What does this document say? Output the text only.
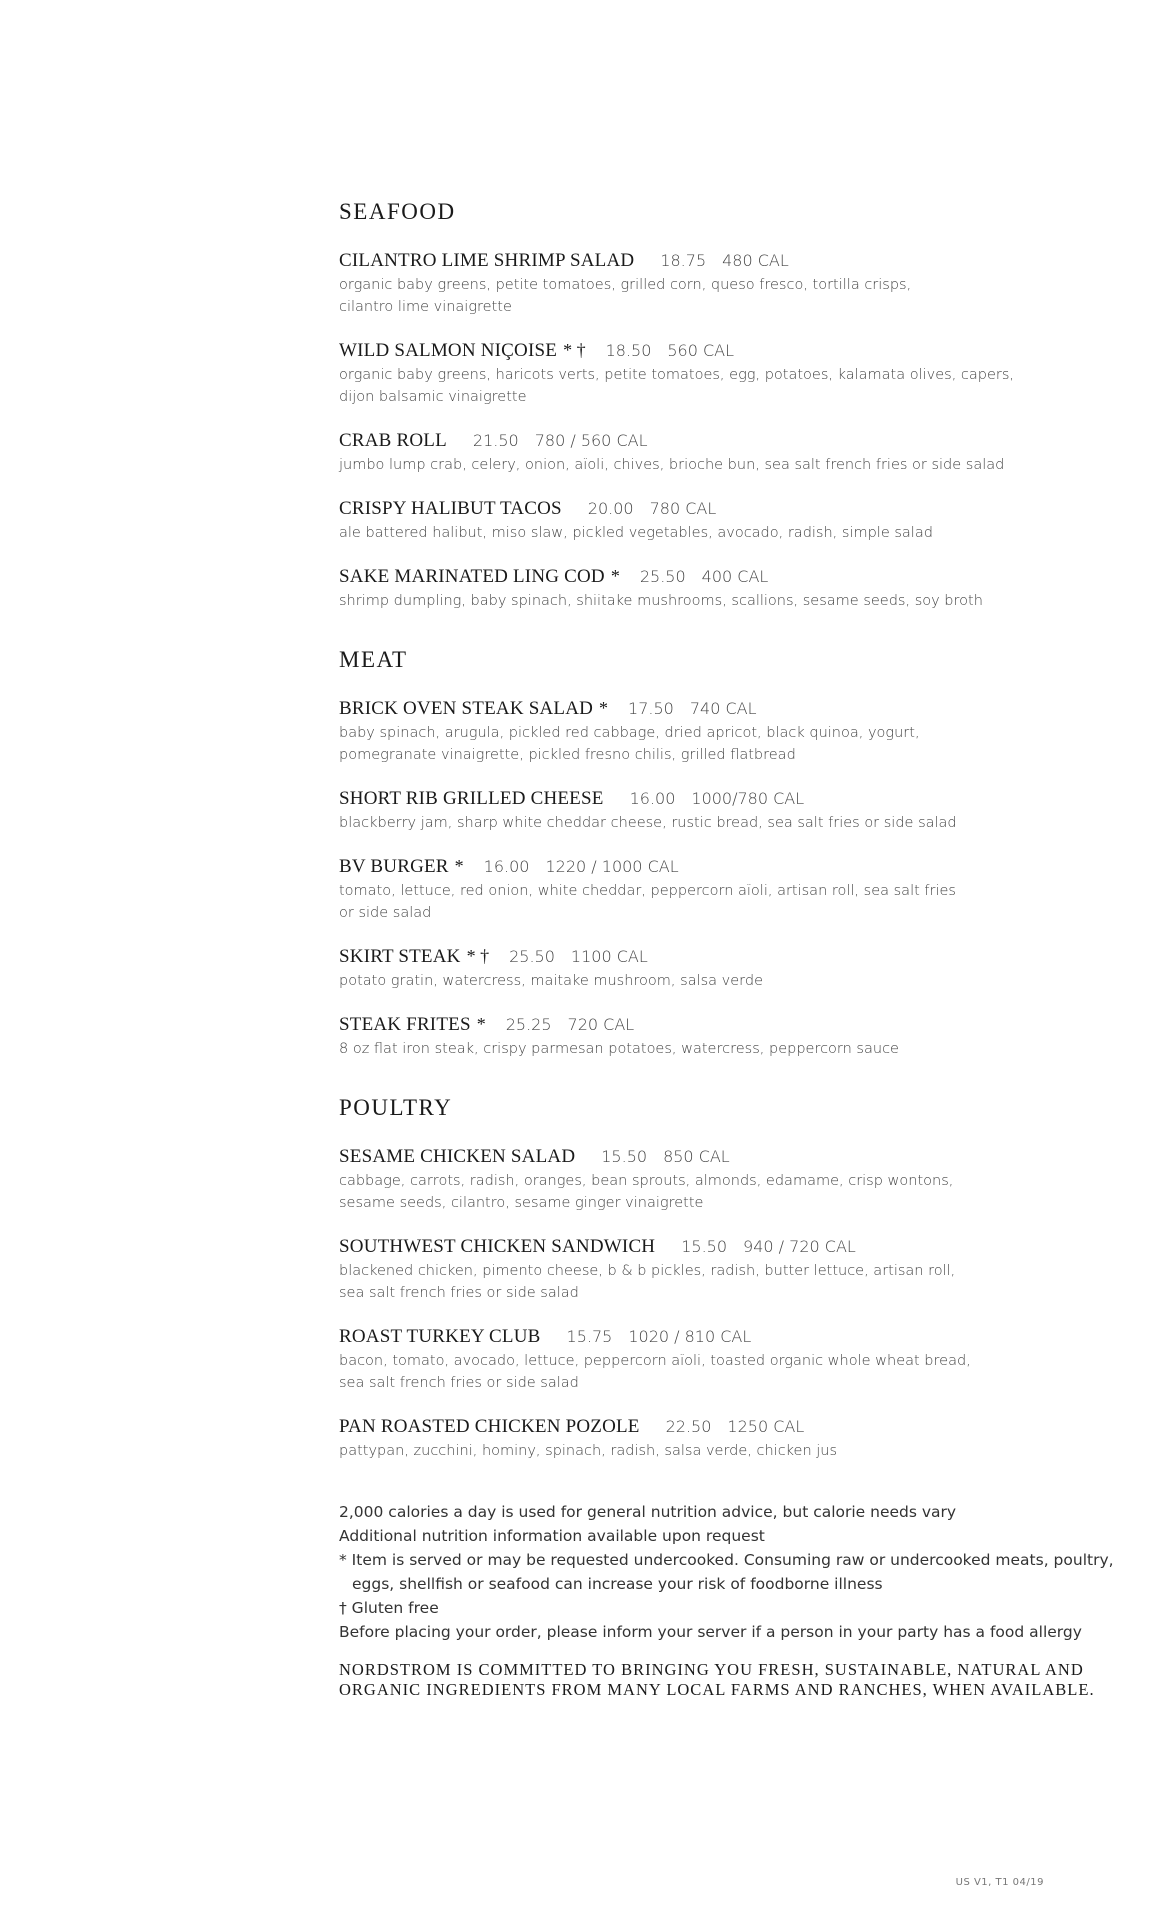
SEAFOOD
CILANTRO LIME SHRIMP SALAD 18.75 480 CAL
organic baby greens, petite tomatoes, grilled corn, queso fresco, tortilla crisps,
cilantro lime vinaigrette
WILD SALMON NIÇOISE * † 18.50 560 CAL
organic baby greens, haricots verts, petite tomatoes, egg, potatoes, kalamata olives, capers,
dijon balsamic vinaigrette
CRAB ROLL 21.50 780 / 560 CAL
jumbo lump crab, celery, onion, aïoli, chives, brioche bun, sea salt french fries or side salad
CRISPY HALIBUT TACOS 20.00 780 CAL
ale battered halibut, miso slaw, pickled vegetables, avocado, radish, simple salad
SAKE MARINATED LING COD * 25.50 400 CAL
shrimp dumpling, baby spinach, shiitake mushrooms, scallions, sesame seeds, soy broth
MEAT
BRICK OVEN STEAK SALAD * 17.50 740 CAL
baby spinach, arugula, pickled red cabbage, dried apricot, black quinoa, yogurt,
pomegranate vinaigrette, pickled fresno chilis, grilled flatbread
SHORT RIB GRILLED CHEESE 16.00 1000/780 CAL
blackberry jam, sharp white cheddar cheese, rustic bread, sea salt fries or side salad
BV BURGER * 16.00 1220 / 1000 CAL
tomato, lettuce, red onion, white cheddar, peppercorn aïoli, artisan roll, sea salt fries
or side salad
SKIRT STEAK * † 25.50 1100 CAL
potato gratin, watercress, maitake mushroom, salsa verde
STEAK FRITES * 25.25 720 CAL
8 oz flat iron steak, crispy parmesan potatoes, watercress, peppercorn sauce
POULTRY
SESAME CHICKEN SALAD 15.50 850 CAL
cabbage, carrots, radish, oranges, bean sprouts, almonds, edamame, crisp wontons,
sesame seeds, cilantro, sesame ginger vinaigrette
SOUTHWEST CHICKEN SANDWICH 15.50 940 / 720 CAL
blackened chicken, pimento cheese, b & b pickles, radish, butter lettuce, artisan roll,
sea salt french fries or side salad
ROAST TURKEY CLUB 15.75 1020 / 810 CAL
bacon, tomato, avocado, lettuce, peppercorn aïoli, toasted organic whole wheat bread,
sea salt french fries or side salad
PAN ROASTED CHICKEN POZOLE 22.50 1250 CAL
pattypan, zucchini, hominy, spinach, radish, salsa verde, chicken jus
2,000 calories a day is used for general nutrition advice, but calorie needs vary
Additional nutrition information available upon request
* Item is served or may be requested undercooked. Consuming raw or undercooked meats, poultry,
eggs, shellfish or seafood can increase your risk of foodborne illness
† Gluten free
Before placing your order, please inform your server if a person in your party has a food allergy
NORDSTROM IS COMMITTED TO BRINGING YOU FRESH, SUSTAINABLE, NATURAL AND ORGANIC INGREDIENTS FROM MANY LOCAL FARMS AND RANCHES, WHEN AVAILABLE.
US V1, T1 04/19
